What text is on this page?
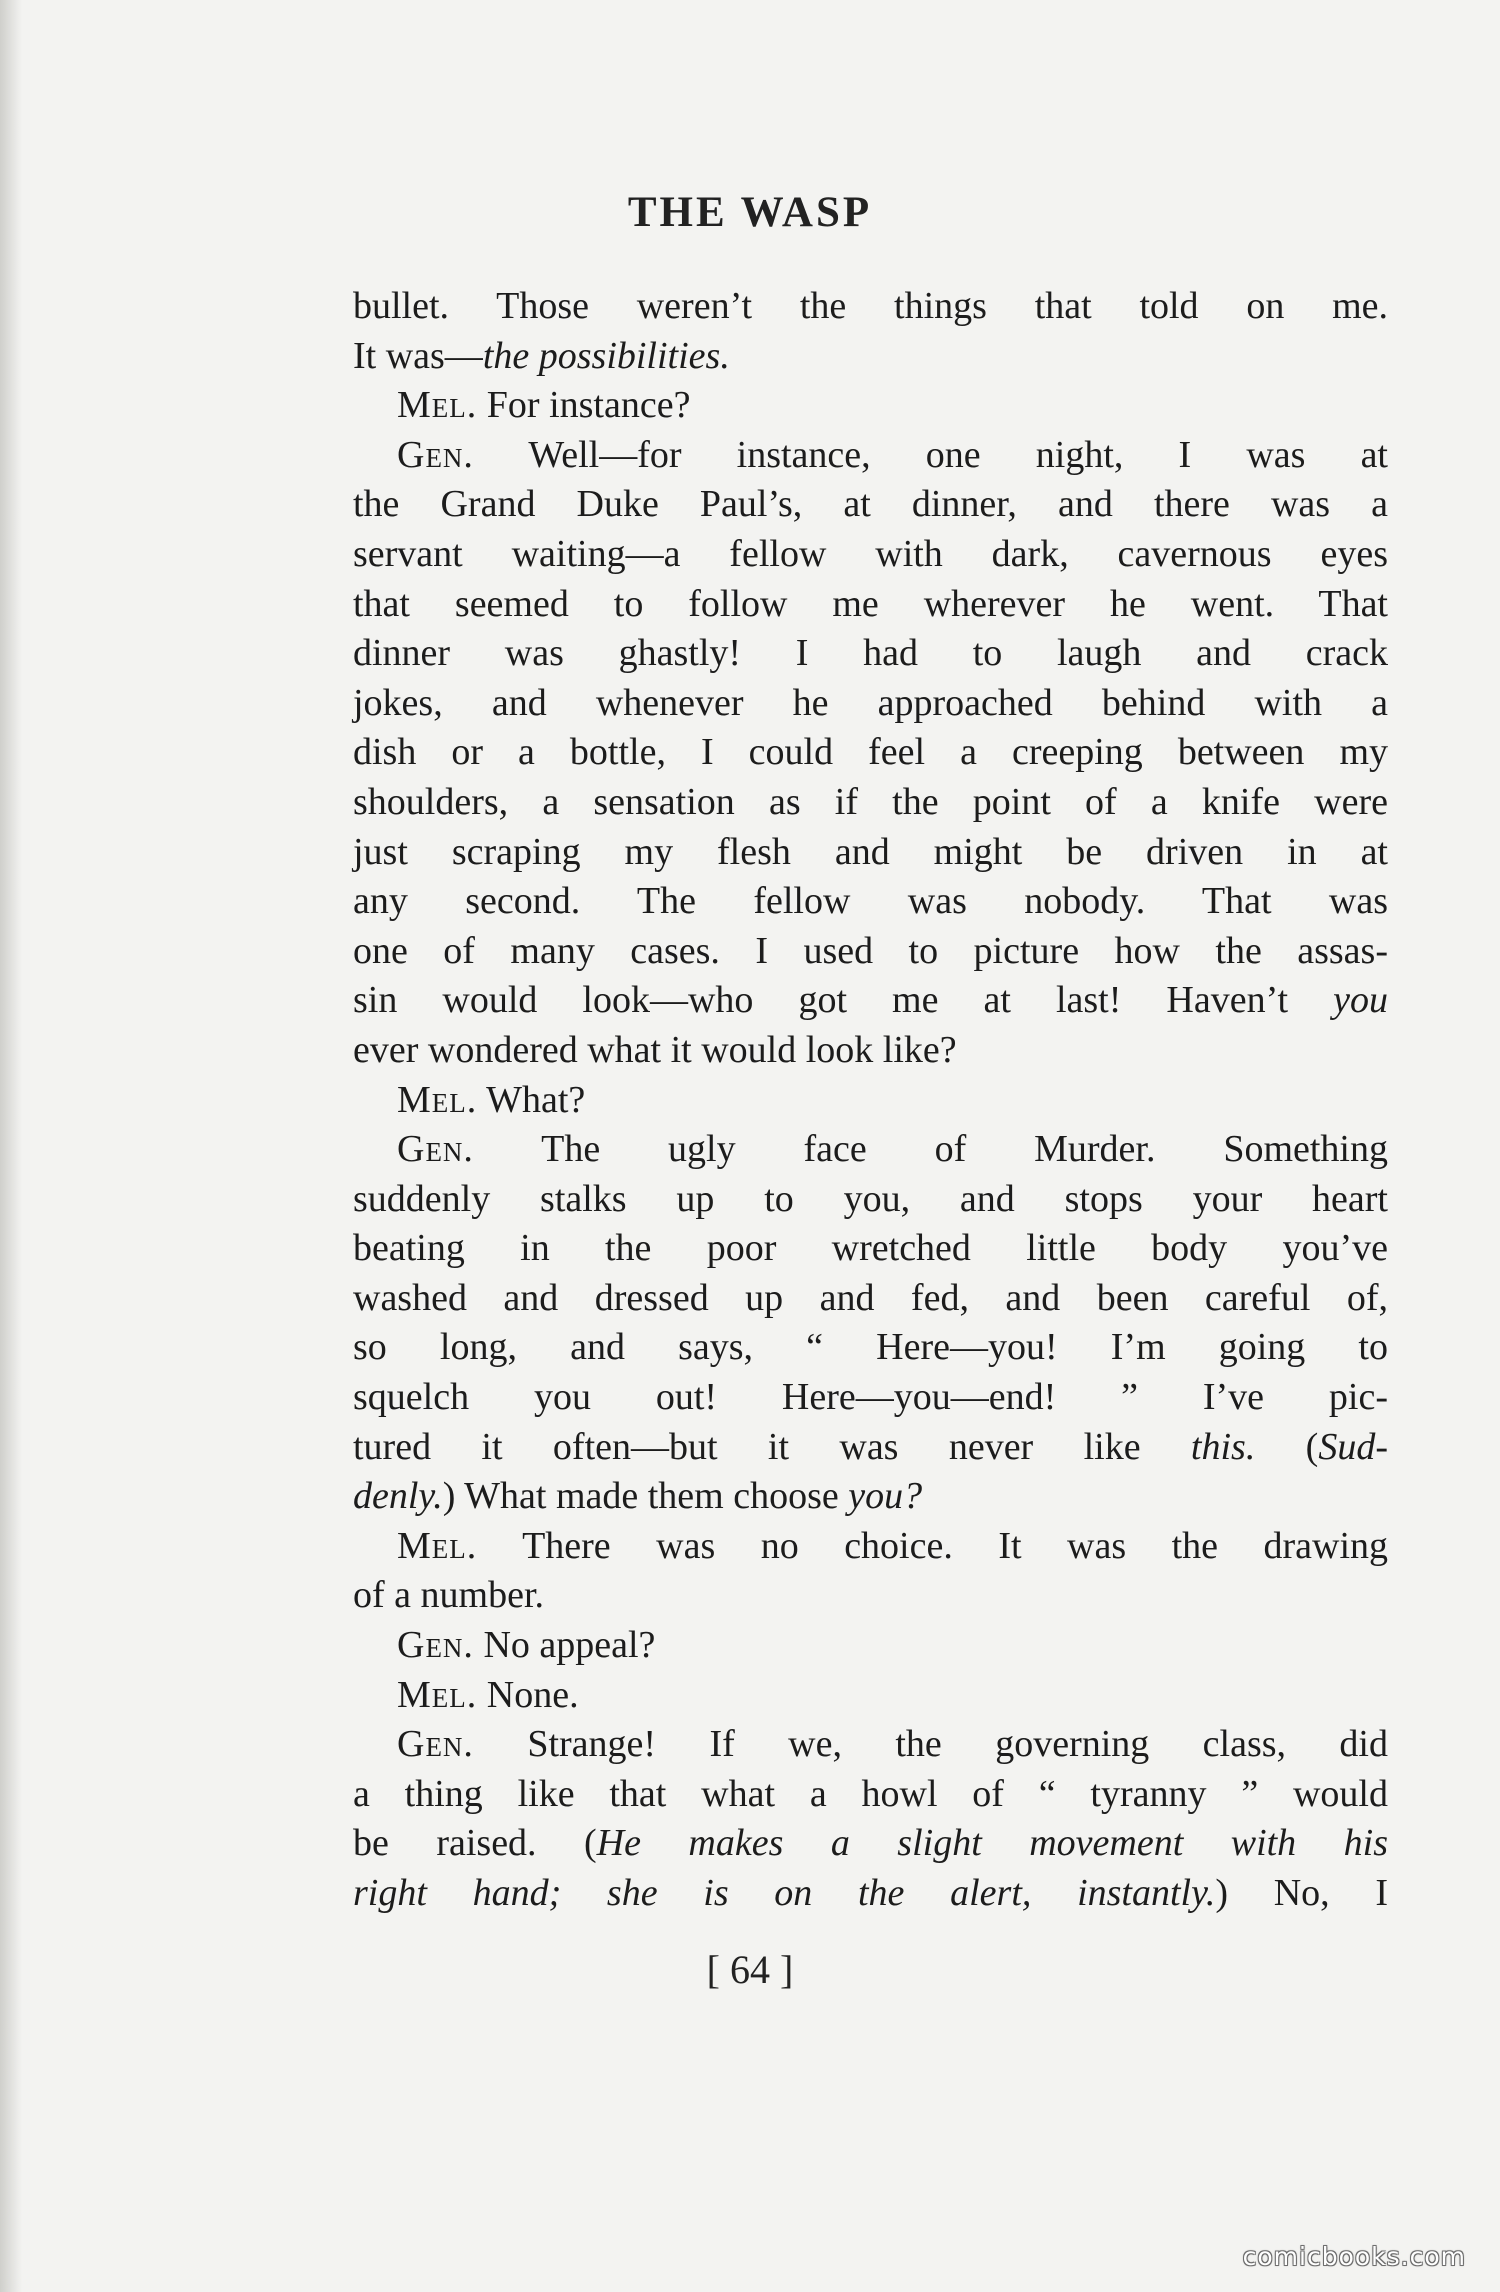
THE WASP
bullet. Those weren’t the things that told on me.
It was—the possibilities.
Mel. For instance?
Gen. Well—for instance, one night, I was at
the Grand Duke Paul’s, at dinner, and there was a
servant waiting—a fellow with dark, cavernous eyes
that seemed to follow me wherever he went. That
dinner was ghastly! I had to laugh and crack
jokes, and whenever he approached behind with a
dish or a bottle, I could feel a creeping between my
shoulders, a sensation as if the point of a knife were
just scraping my flesh and might be driven in at
any second. The fellow was nobody. That was
one of many cases. I used to picture how the assas-
sin would look—who got me at last! Haven’t you
ever wondered what it would look like?
Mel. What?
Gen. The ugly face of Murder. Something
suddenly stalks up to you, and stops your heart
beating in the poor wretched little body you’ve
washed and dressed up and fed, and been careful of,
so long, and says, “ Here—you! I’m going to
squelch you out! Here—you—end! ” I’ve pic-
tured it often—but it was never like this. (Sud-
denly.) What made them choose you?
Mel. There was no choice. It was the drawing
of a number.
Gen. No appeal?
Mel. None.
Gen. Strange! If we, the governing class, did
a thing like that what a howl of “ tyranny ” would
be raised. (He makes a slight movement with his
right hand; she is on the alert, instantly.) No, I
[ 64 ]
comicbooks.com
